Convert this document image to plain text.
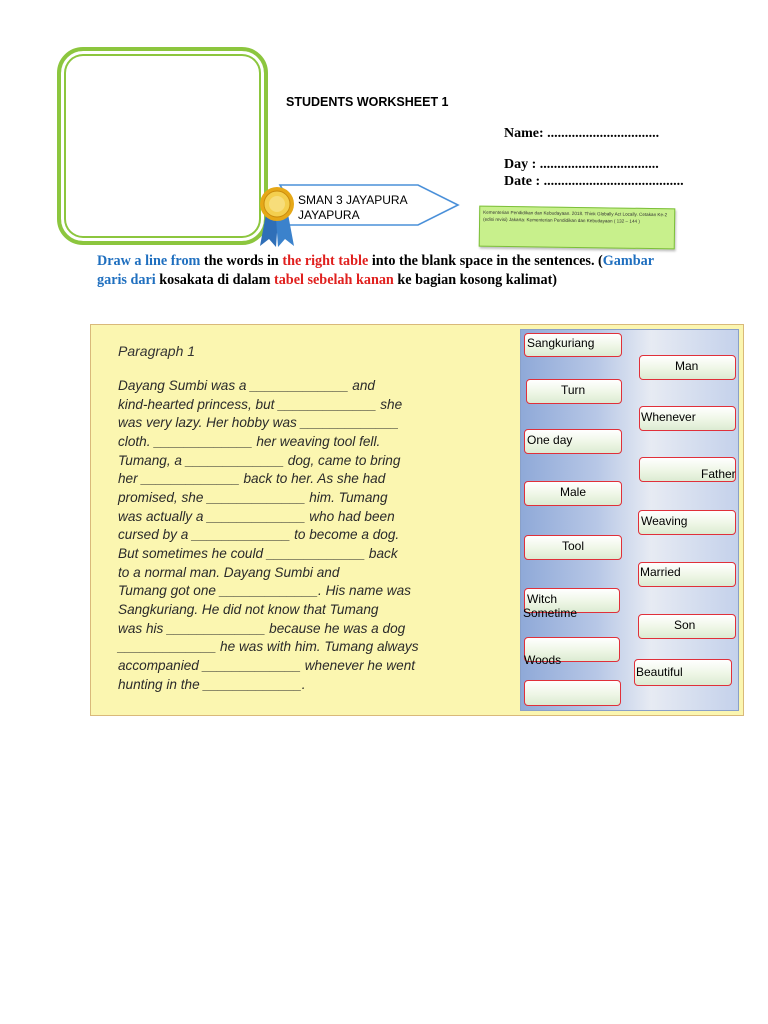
STUDENTS WORKSHEET 1
Name: ................................
Day : ..................................
Date : ........................................
SMAN 3 JAYAPURA
JAYAPURA	Kementerian Pendidikan dan Kebudayaan. 2018. Think Globally Act Locally. Cetakan Ke-2 (edisi revisi) Jakarta: Kementerian Pendidikan dan Kebudayaan ( 132 – 144 )
Draw a line from the words in the right table into the blank space in the sentences. (Gambar garis dari kosakata di dalam tabel sebelah kanan ke bagian kosong kalimat)
Paragraph 1
Dayang Sumbi was a _____________ and
kind-hearted princess, but _____________ she
was very lazy. Her hobby was _____________
cloth. _____________ her weaving tool fell.
Tumang, a _____________ dog, came to bring
her _____________ back to her. As she had
promised, she _____________ him. Tumang
was actually a _____________ who had been
cursed by a _____________ to become a dog.
But sometimes he could _____________ back
to a normal man. Dayang Sumbi and
Tumang got one _____________. His name was
Sangkuriang. He did not know that Tumang
was his _____________ because he was a dog
_____________ he was with him. Tumang always
accompanied _____________ whenever he went
hunting in the _____________.
Sangkuriang
Man
Turn
Whenever
One day
Father
Male
Weaving
Tool
Married
Witch
Sometime
Son
Woods
Beautiful
